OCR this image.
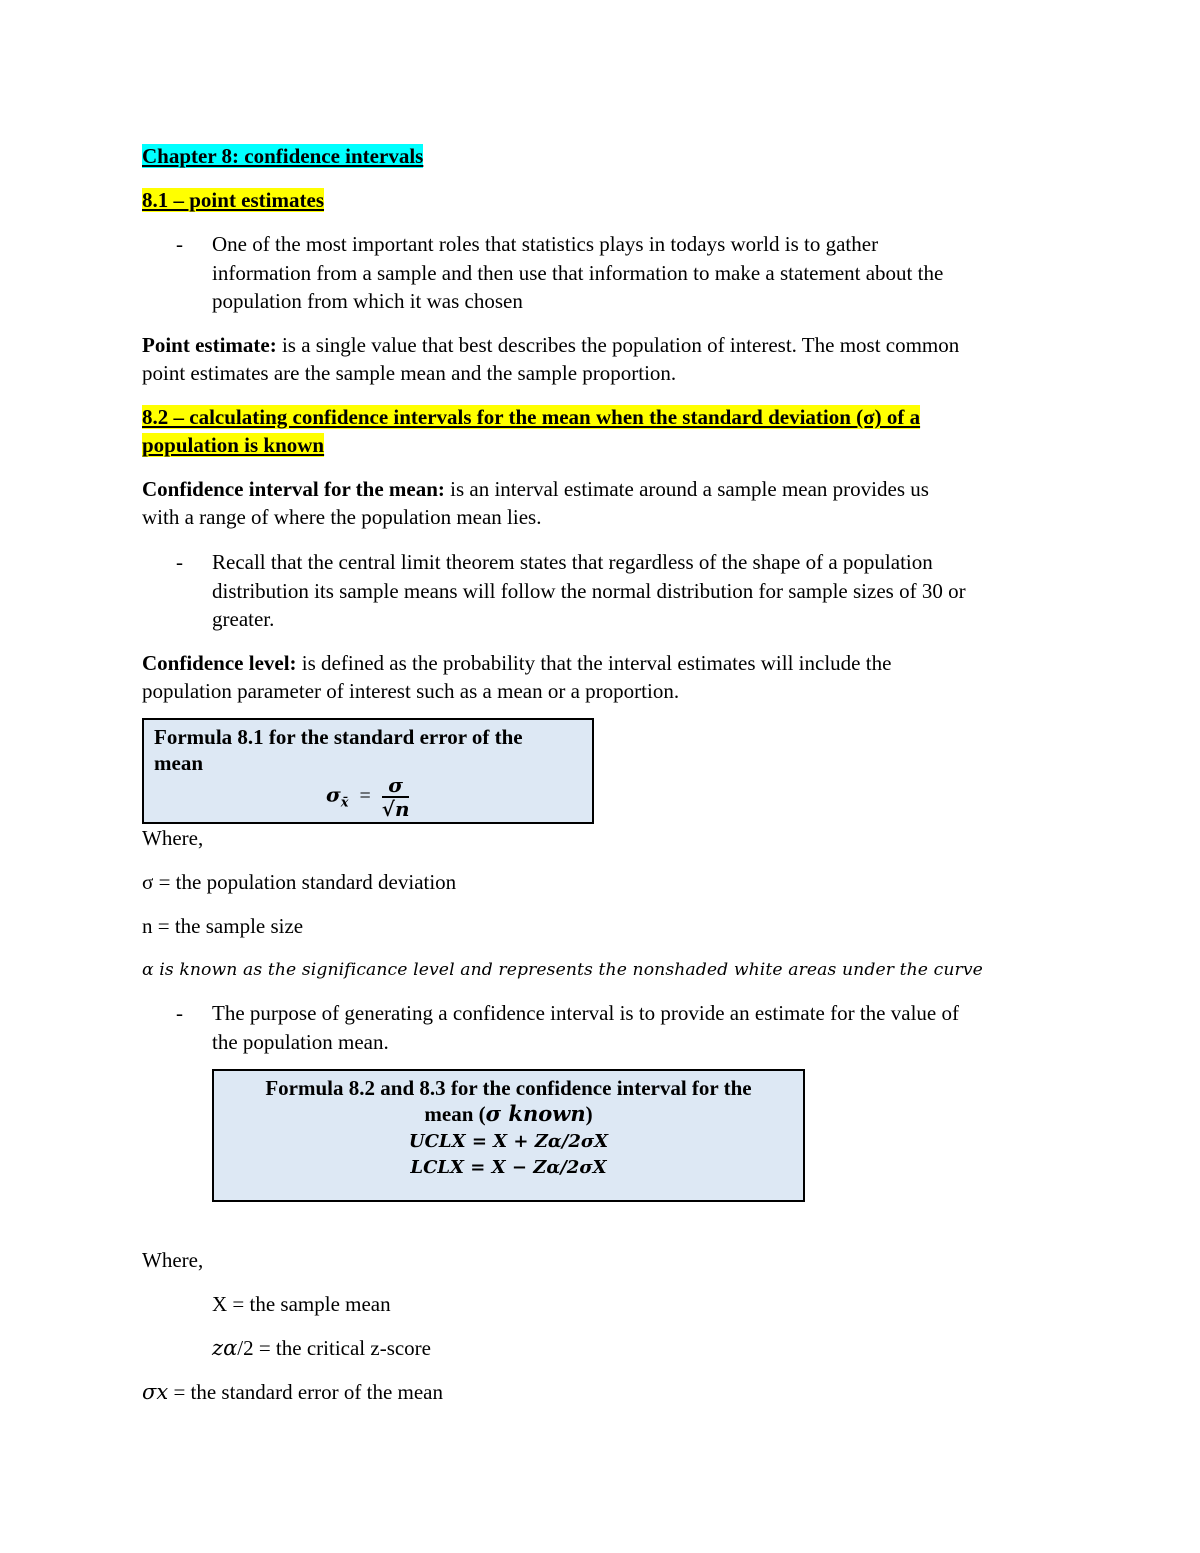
Chapter 8: confidence intervals
8.1 – point estimates
- One of the most important roles that statistics plays in todays world is to gather
information from a sample and then use that information to make a statement about the
population from which it was chosen
Point estimate: is a single value that best describes the population of interest. The most common
point estimates are the sample mean and the sample proportion.
8.2 – calculating confidence intervals for the mean when the standard deviation (σ) of a
population is known
Confidence interval for the mean: is an interval estimate around a sample mean provides us
with a range of where the population mean lies.
- Recall that the central limit theorem states that regardless of the shape of a population
distribution its sample means will follow the normal distribution for sample sizes of 30 or
greater.
Confidence level: is defined as the probability that the interval estimates will include the
population parameter of interest such as a mean or a proportion.
Formula 8.1 for the standard error of the
mean
$\sigma_{x̄} = \frac{\sigma}{√n}$
Where,
σ = the population standard deviation
n = the sample size
α is known as the significance level and represents the nonshaded white areas under the curve
- The purpose of generating a confidence interval is to provide an estimate for the value of
the population mean.
Formula 8.2 and 8.3 for the confidence interval for the
mean (σ known)
UCLX = X + Zα/2σX
LCLX = X − Zα/2σX
Where,
X = the sample mean
zα/2 = the critical z-score
σx = the standard error of the mean
